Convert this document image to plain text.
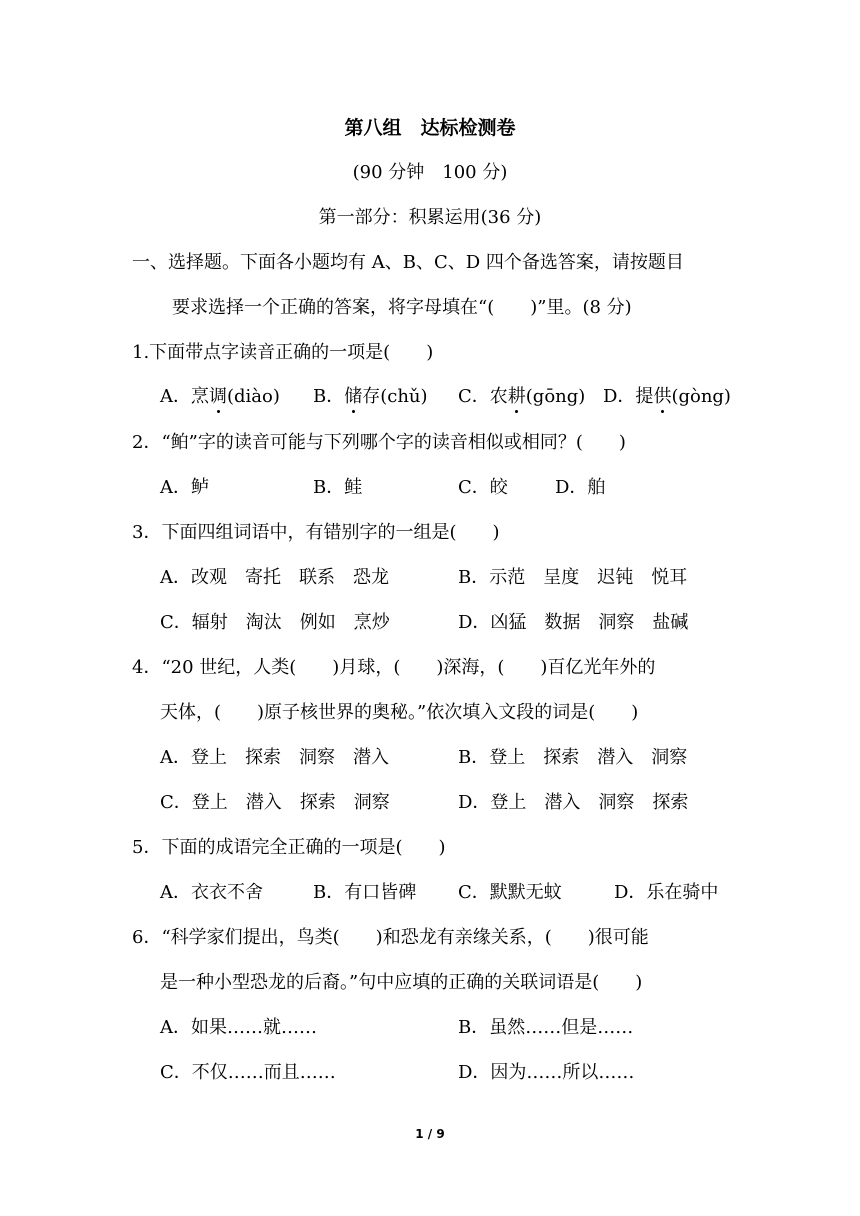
第八组　达标检测卷
(90 分钟　100 分)
第一部分：积累运用(36 分)
一、选择题。下面各小题均有 A、B、C、D 四个备选答案，请按题目
要求选择一个正确的答案，将字母填在“(　　)”里。(8 分)
1.下面带点字读音正确的一项是(　　)
A．烹调(diào) B．储存(chǔ) C．农耕(gōng) D．提供(gòng)
2．“鲌”字的读音可能与下列哪个字的读音相似或相同？(　　)
A．鲈	B．鲑	C．皎	D．舶
3．下面四组词语中，有错别字的一组是(　　)
A．改观　寄托　联系　恐龙	B．示范　呈度　迟钝　悦耳
C．辐射　淘汰　例如　烹炒	D．凶猛　数据　洞察　盐碱
4．“20 世纪，人类(　　)月球，(　　)深海，(　　)百亿光年外的
天体，(　　)原子核世界的奥秘。”依次填入文段的词是(　　)
A．登上　探索　洞察　潜入	B．登上　探索　潜入　洞察
C．登上　潜入　探索　洞察	D．登上　潜入　洞察　探索
5．下面的成语完全正确的一项是(　　)
A．衣衣不舍	B．有口皆碑 C．默默无蚊	D．乐在骑中
6．“科学家们提出，鸟类(　　)和恐龙有亲缘关系，(　　)很可能
是一种小型恐龙的后裔。”句中应填的正确的关联词语是(　　)
A．如果……就……	B．虽然……但是……
C．不仅……而且……	D．因为……所以……
1 / 9
